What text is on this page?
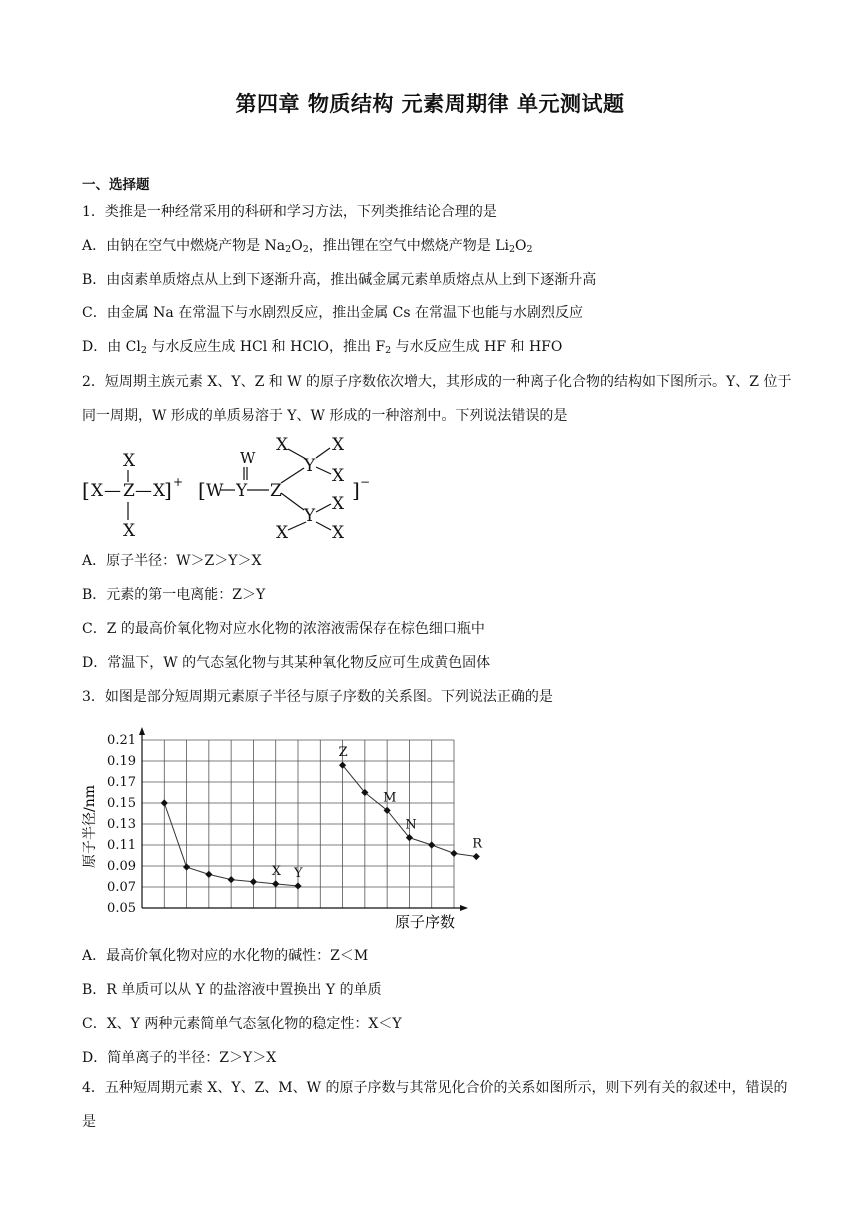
第四章 物质结构 元素周期律 单元测试题
一、选择题
1．类推是一种经常采用的科研和学习方法，下列类推结论合理的是
A．由钠在空气中燃烧产物是 $Na_2O_2$，推出锂在空气中燃烧产物是 $Li_2O_2$
B．由卤素单质熔点从上到下逐渐升高，推出碱金属元素单质熔点从上到下逐渐升高
C．由金属 Na 在常温下与水剧烈反应，推出金属 Cs 在常温下也能与水剧烈反应
D．由 $Cl_2$ 与水反应生成 HCl 和 HClO，推出 $F_2$ 与水反应生成 HF 和 HFO
2．短周期主族元素 X、Y、Z 和 W 的原子序数依次增大，其形成的一种离子化合物的结构如下图所示。Y、Z 位于同一周期，W 形成的单质易溶于 Y、W 形成的一种溶剂中。下列说法错误的是
[ X — Z — X
] +
X
X
[ W Y
W
Z
Y
Y
] −
X	X
X
X
X	X
A．原子半径：W＞Z＞Y＞X
B．元素的第一电离能：Z＞Y
C．Z 的最高价氧化物对应水化物的浓溶液需保存在棕色细口瓶中
D．常温下，W 的气态氢化物与其某种氧化物反应可生成黄色固体
3．如图是部分短周期元素原子半径与原子序数的关系图。下列说法正确的是
0.21
0.19
0.17
0.15
0.13
0.11
0.09
0.07
0.05
X Y
Z
M
N
R
原子半径/nm
原子序数
A．最高价氧化物对应的水化物的碱性：Z＜M
B．R 单质可以从 Y 的盐溶液中置换出 Y 的单质
C．X、Y 两种元素简单气态氢化物的稳定性：X＜Y
D．简单离子的半径：Z＞Y＞X
4．五种短周期元素 X、Y、Z、M、W 的原子序数与其常见化合价的关系如图所示，则下列有关的叙述中，错误的是
